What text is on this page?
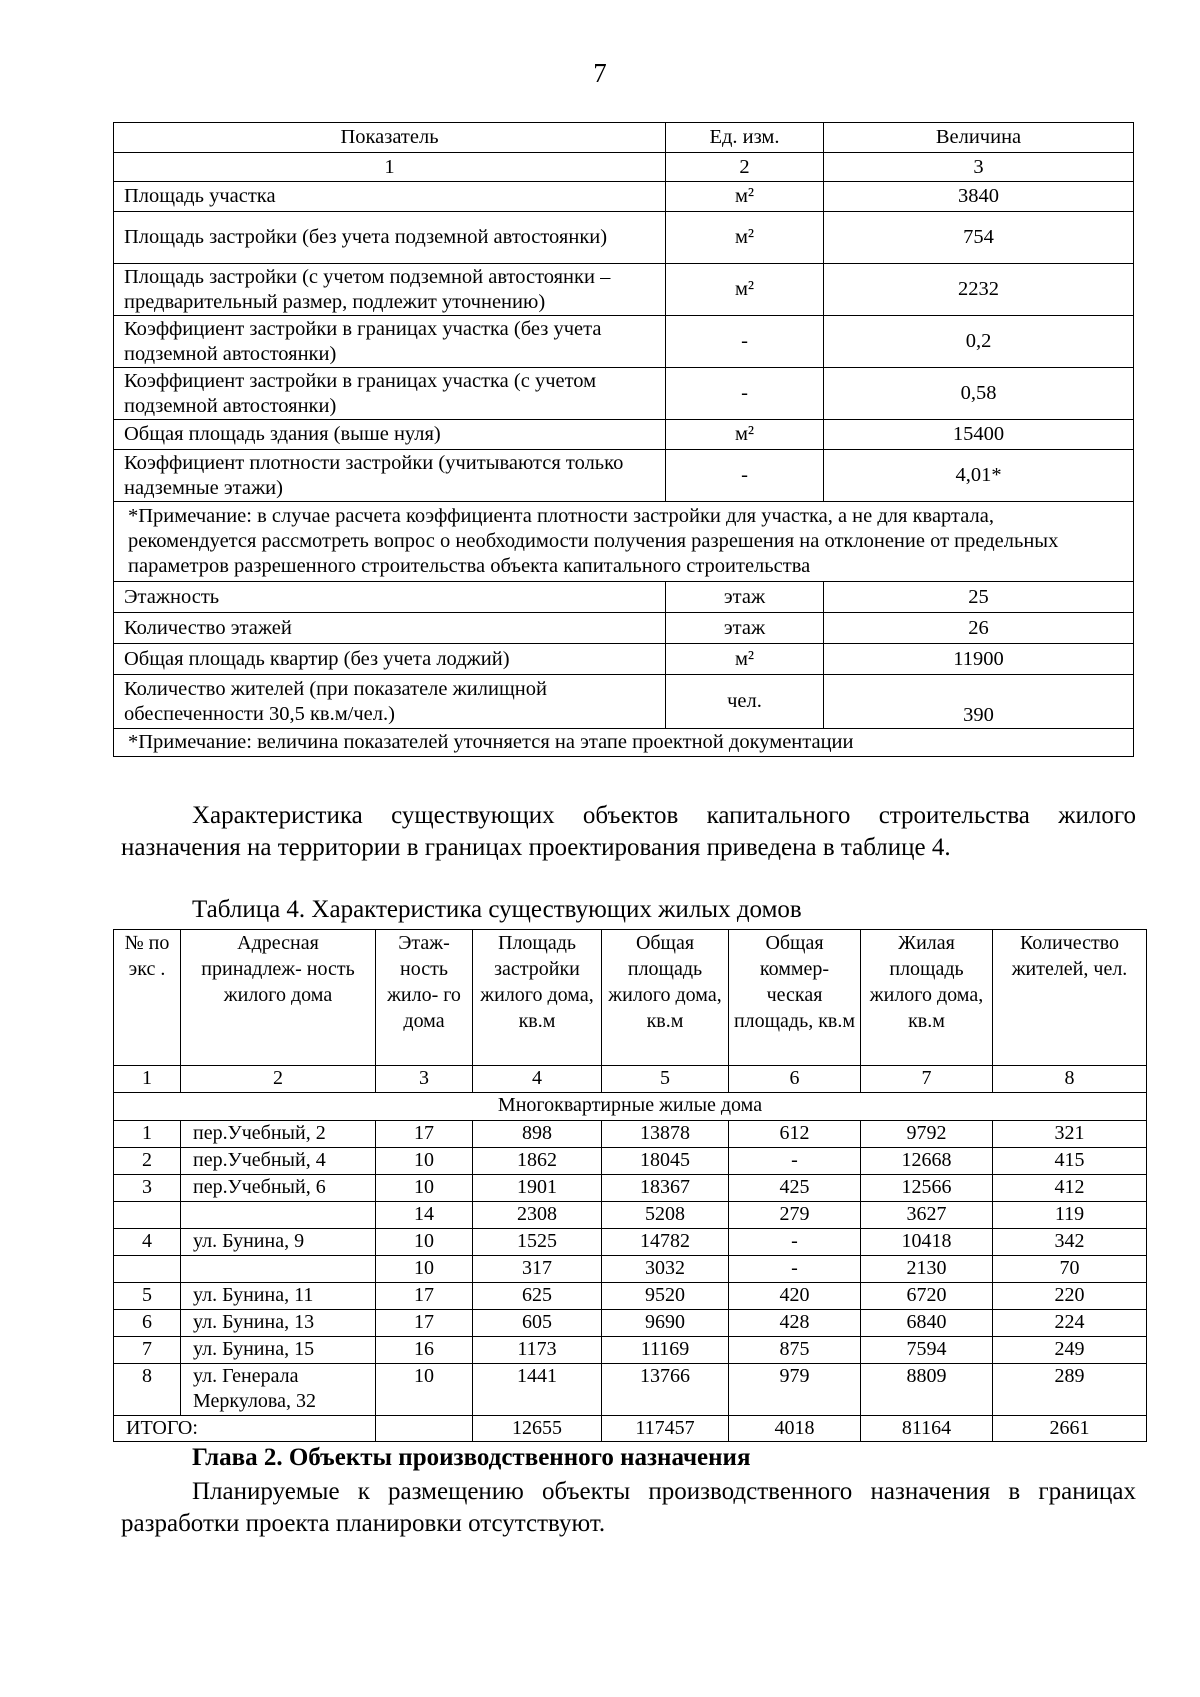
7
Показатель	Ед. изм.	Величина
1	2	3
Площадь участка	м²	3840
Площадь застройки (без учета подземной автостоянки)	м²	754
Площадь застройки (с учетом подземной автостоянки – предварительный размер, подлежит уточнению)	м²	2232
Коэффициент застройки в границах участка (без учета подземной автостоянки)	-	0,2
Коэффициент застройки в границах участка (с учетом подземной автостоянки)	-	0,58
Общая площадь здания (выше нуля)	м²	15400
Коэффициент плотности застройки (учитываются только надземные этажи)	-	4,01*
*Примечание: в случае расчета коэффициента плотности застройки для участка, а не для квартала, рекомендуется рассмотреть вопрос о необходимости получения разрешения на отклонение от предельных параметров разрешенного строительства объекта капитального строительства		
Этажность	этаж	25
Количество этажей	этаж	26
Общая площадь квартир (без учета лоджий)	м²	11900
Количество жителей (при показателе жилищной обеспеченности 30,5 кв.м/чел.)	чел.	390
*Примечание: величина показателей уточняется на этапе проектной документации		
Характеристика существующих объектов капитального строительства жилого назначения на территории в границах проектирования приведена в таблице 4.
Таблица 4. Характеристика существующих жилых домов
№ по экс .	Адресная принадлеж- ность жилого дома	Этаж- ность жило- го дома	Площадь застройки жилого дома, кв.м	Общая площадь жилого дома, кв.м	Общая коммер- ческая площадь, кв.м	Жилая площадь жилого дома, кв.м	Количество жителей, чел.
1	2	3	4	5	6	7	8
Многоквартирные жилые дома							
1	пер.Учебный, 2	17	898	13878	612	9792	321
2	пер.Учебный, 4	10	1862	18045	-	12668	415
3	пер.Учебный, 6	10	1901	18367	425	12566	412
		14	2308	5208	279	3627	119
4	ул. Бунина, 9	10	1525	14782	-	10418	342
		10	317	3032	-	2130	70
5	ул. Бунина, 11	17	625	9520	420	6720	220
6	ул. Бунина, 13	17	605	9690	428	6840	224
7	ул. Бунина, 15	16	1173	11169	875	7594	249
8	ул. Генерала Меркулова, 32	10	1441	13766	979	8809	289
ИТОГО:			12655	117457	4018	81164	2661
Глава 2. Объекты производственного назначения
Планируемые к размещению объекты производственного назначения в границах разработки проекта планировки отсутствуют.
